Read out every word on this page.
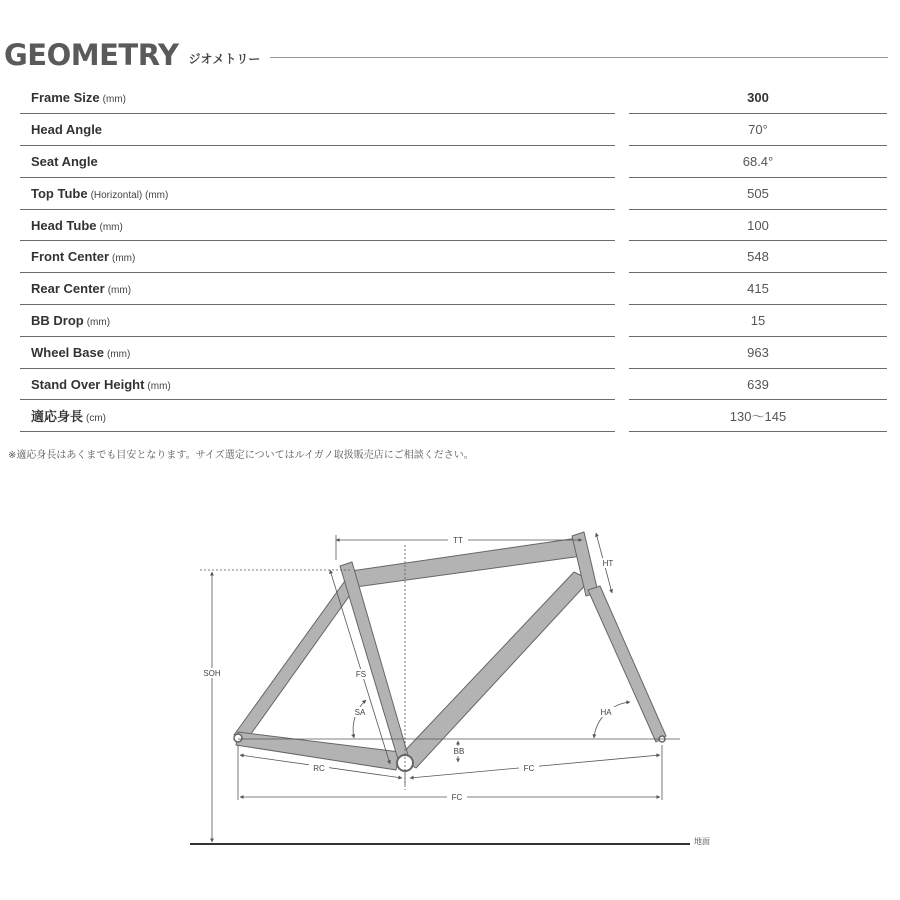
GEOMETRY ジオメトリー
Frame Size (mm)		300
Head Angle		70°
Seat Angle		68.4°
Top Tube (Horizontal) (mm)		505
Head Tube (mm)		100
Front Center (mm)		548
Rear Center (mm)		415
BB Drop (mm)		15
Wheel Base (mm)		963
Stand Over Height (mm)		639
適応身長 (cm)		130〜145
※適応身長はあくまでも目安となります。サイズ選定についてはルイガノ取扱販売店にご相談ください。
TT
HT
SOH	FS
SA	HA
BB
RC	FC
FC
地面
